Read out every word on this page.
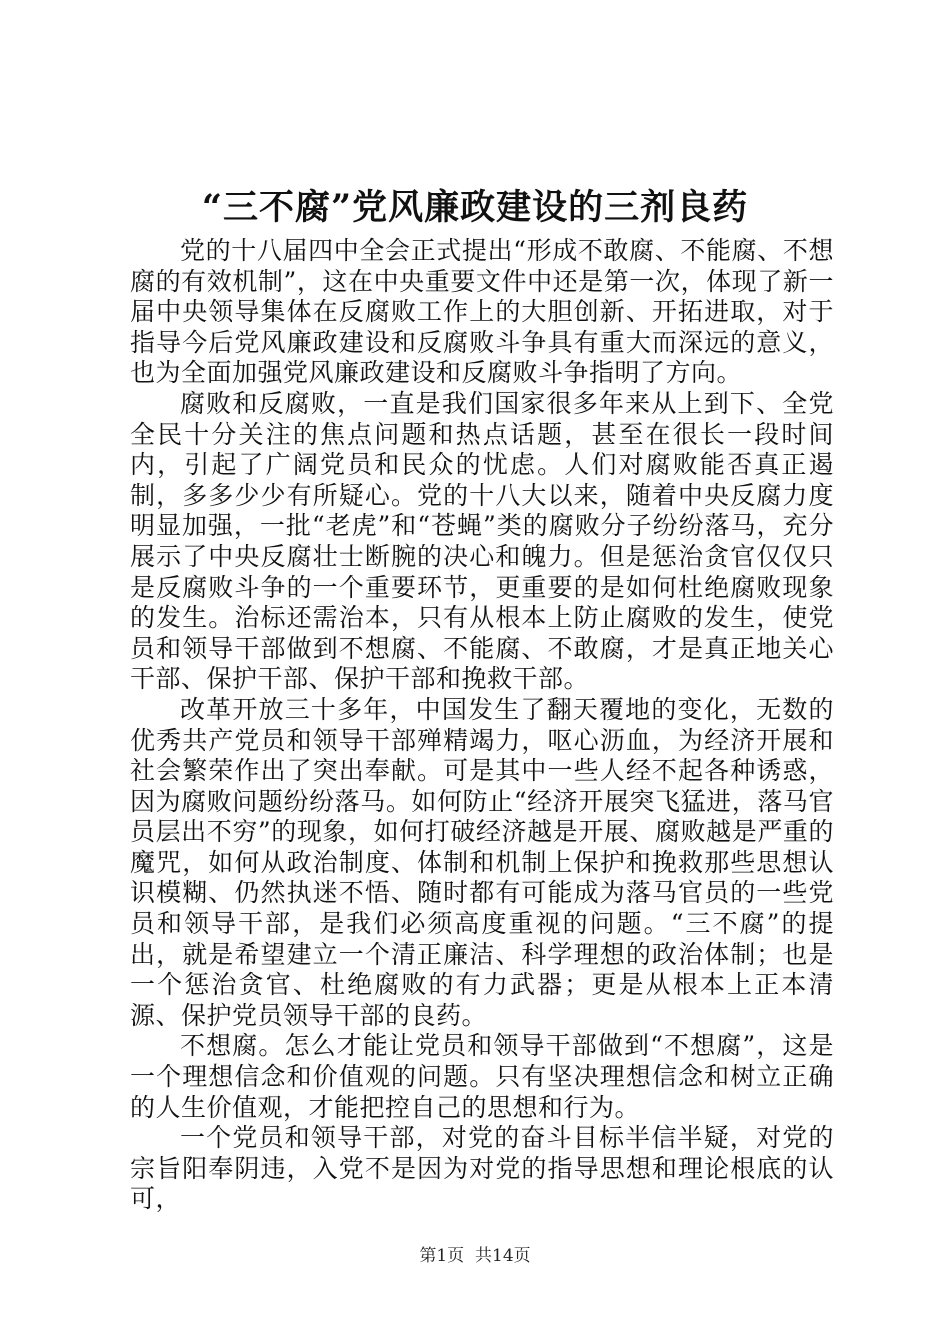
“三不腐”党风廉政建设的三剂良药

党的十八届四中全会正式提出“形成不敢腐、不能腐、不想腐的有效机制”，这在中央重要文件中还是第一次，体现了新一届中央领导集体在反腐败工作上的大胆创新、开拓进取，对于指导今后党风廉政建设和反腐败斗争具有重大而深远的意义，也为全面加强党风廉政建设和反腐败斗争指明了方向。

腐败和反腐败，一直是我们国家很多年来从上到下、全党全民十分关注的焦点问题和热点话题，甚至在很长一段时间内，引起了广阔党员和民众的忧虑。人们对腐败能否真正遏制，多多少少有所疑心。党的十八大以来，随着中央反腐力度明显加强，一批“老虎”和“苍蝇”类的腐败分子纷纷落马，充分展示了中央反腐壮士断腕的决心和魄力。但是惩治贪官仅仅只是反腐败斗争的一个重要环节，更重要的是如何杜绝腐败现象的发生。治标还需治本，只有从根本上防止腐败的发生，使党员和领导干部做到不想腐、不能腐、不敢腐，才是真正地关心干部、保护干部、保护干部和挽救干部。

改革开放三十多年，中国发生了翻天覆地的变化，无数的优秀共产党员和领导干部殚精竭力，呕心沥血，为经济开展和社会繁荣作出了突出奉献。可是其中一些人经不起各种诱惑，因为腐败问题纷纷落马。如何防止“经济开展突飞猛进，落马官员层出不穷”的现象，如何打破经济越是开展、腐败越是严重的魔咒，如何从政治制度、体制和机制上保护和挽救那些思想认识模糊、仍然执迷不悟、随时都有可能成为落马官员的一些党员和领导干部，是我们必须高度重视的问题。“三不腐”的提出，就是希望建立一个清正廉洁、科学理想的政治体制；也是一个惩治贪官、杜绝腐败的有力武器；更是从根本上正本清源、保护党员领导干部的良药。

不想腐。怎么才能让党员和领导干部做到“不想腐”，这是一个理想信念和价值观的问题。只有坚决理想信念和树立正确的人生价值观，才能把控自己的思想和行为。

一个党员和领导干部，对党的奋斗目标半信半疑，对党的宗旨阳奉阴违，入党不是因为对党的指导思想和理论根底的认可，

第1页 共14页
